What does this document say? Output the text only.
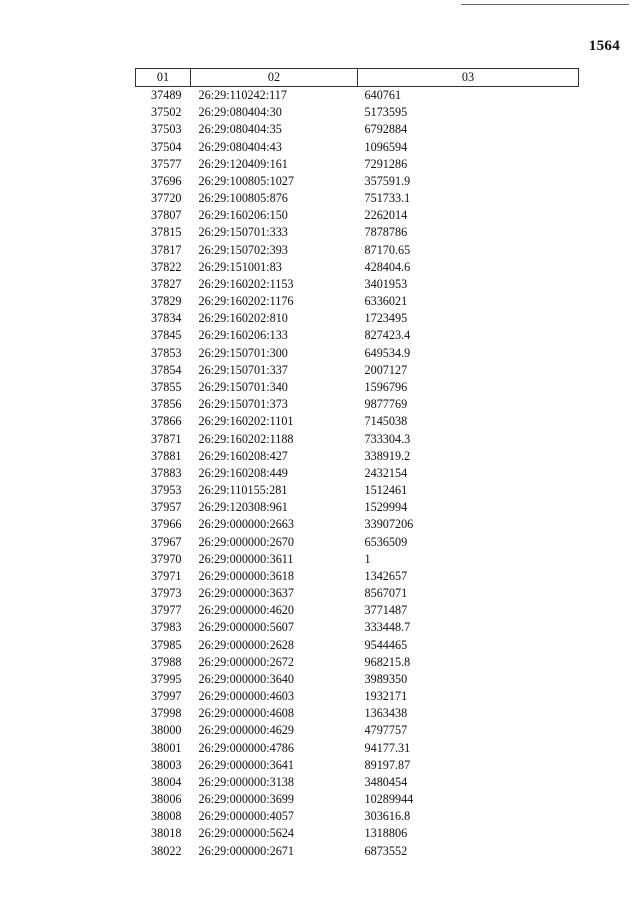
1564
01	02	03
37489	26:29:110242:117	640761
37502	26:29:080404:30	5173595
37503	26:29:080404:35	6792884
37504	26:29:080404:43	1096594
37577	26:29:120409:161	7291286
37696	26:29:100805:1027	357591.9
37720	26:29:100805:876	751733.1
37807	26:29:160206:150	2262014
37815	26:29:150701:333	7878786
37817	26:29:150702:393	87170.65
37822	26:29:151001:83	428404.6
37827	26:29:160202:1153	3401953
37829	26:29:160202:1176	6336021
37834	26:29:160202:810	1723495
37845	26:29:160206:133	827423.4
37853	26:29:150701:300	649534.9
37854	26:29:150701:337	2007127
37855	26:29:150701:340	1596796
37856	26:29:150701:373	9877769
37866	26:29:160202:1101	7145038
37871	26:29:160202:1188	733304.3
37881	26:29:160208:427	338919.2
37883	26:29:160208:449	2432154
37953	26:29:110155:281	1512461
37957	26:29:120308:961	1529994
37966	26:29:000000:2663	33907206
37967	26:29:000000:2670	6536509
37970	26:29:000000:3611	1
37971	26:29:000000:3618	1342657
37973	26:29:000000:3637	8567071
37977	26:29:000000:4620	3771487
37983	26:29:000000:5607	333448.7
37985	26:29:000000:2628	9544465
37988	26:29:000000:2672	968215.8
37995	26:29:000000:3640	3989350
37997	26:29:000000:4603	1932171
37998	26:29:000000:4608	1363438
38000	26:29:000000:4629	4797757
38001	26:29:000000:4786	94177.31
38003	26:29:000000:3641	89197.87
38004	26:29:000000:3138	3480454
38006	26:29:000000:3699	10289944
38008	26:29:000000:4057	303616.8
38018	26:29:000000:5624	1318806
38022	26:29:000000:2671	6873552
